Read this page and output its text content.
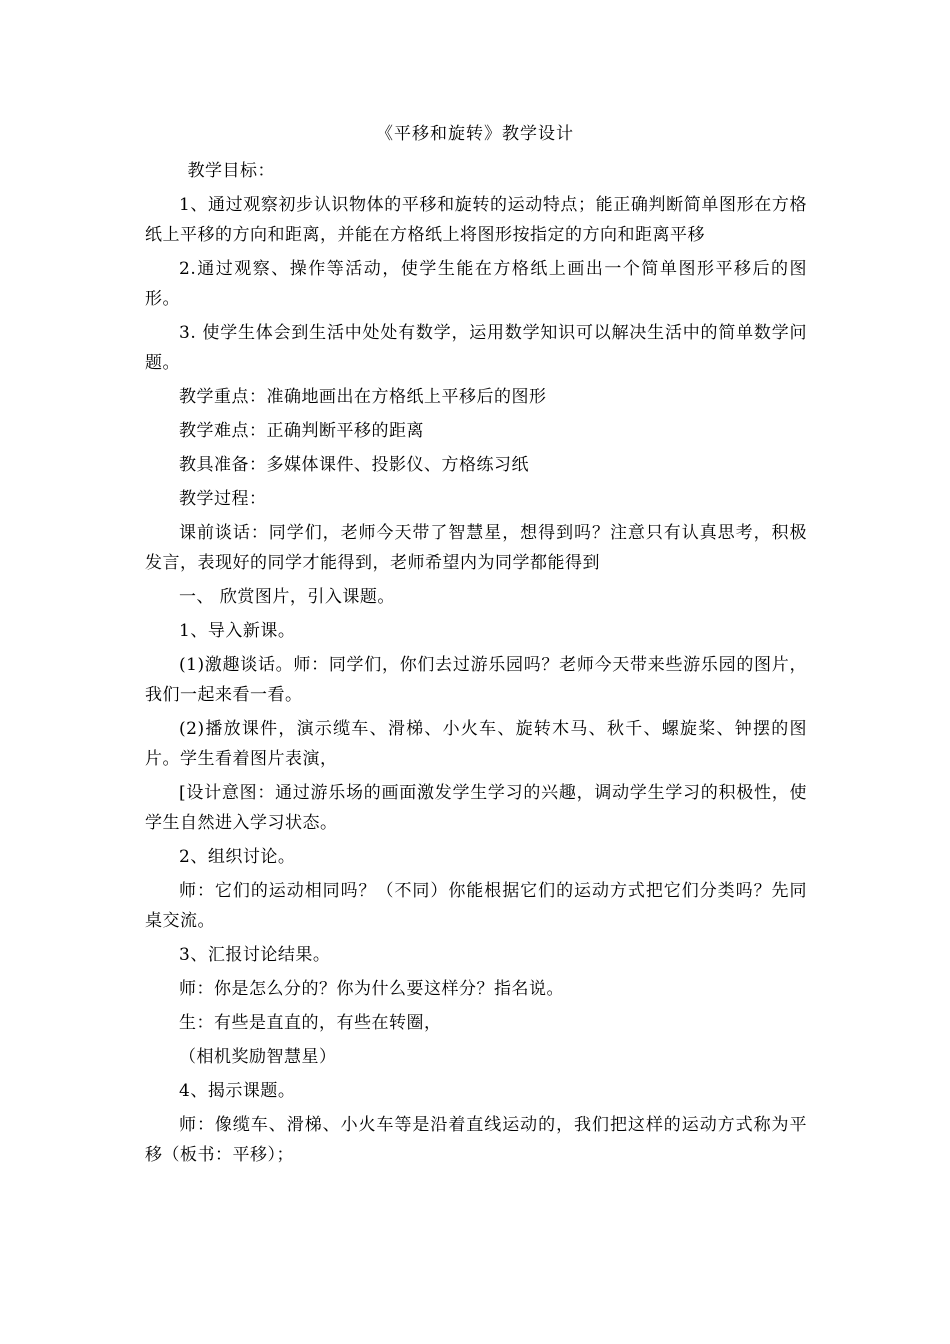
《平移和旋转》教学设计

教学目标：

1、通过观察初步认识物体的平移和旋转的运动特点；能正确判断简单图形在方格纸上平移的方向和距离，并能在方格纸上将图形按指定的方向和距离平移

2.通过观察、操作等活动，使学生能在方格纸上画出一个简单图形平移后的图形。

3. 使学生体会到生活中处处有数学，运用数学知识可以解决生活中的简单数学问题。

教学重点：准确地画出在方格纸上平移后的图形

教学难点：正确判断平移的距离

教具准备：多媒体课件、投影仪、方格练习纸

教学过程：

课前谈话：同学们，老师今天带了智慧星，想得到吗？注意只有认真思考，积极发言，表现好的同学才能得到，老师希望内为同学都能得到

一、 欣赏图片，引入课题。

1、导入新课。

(1)激趣谈话。师：同学们，你们去过游乐园吗？老师今天带来些游乐园的图片，我们一起来看一看。

(2)播放课件，演示缆车、滑梯、小火车、旋转木马、秋千、螺旋桨、钟摆的图片。学生看着图片表演，

[设计意图：通过游乐场的画面激发学生学习的兴趣，调动学生学习的积极性，使学生自然进入学习状态。

2、组织讨论。

师：它们的运动相同吗？（不同）你能根据它们的运动方式把它们分类吗？先同桌交流。

3、汇报讨论结果。

师：你是怎么分的？你为什么要这样分？指名说。

生：有些是直直的，有些在转圈，

（相机奖励智慧星）

4、揭示课题。

师：像缆车、滑梯、小火车等是沿着直线运动的，我们把这样的运动方式称为平移（板书：平移）；
